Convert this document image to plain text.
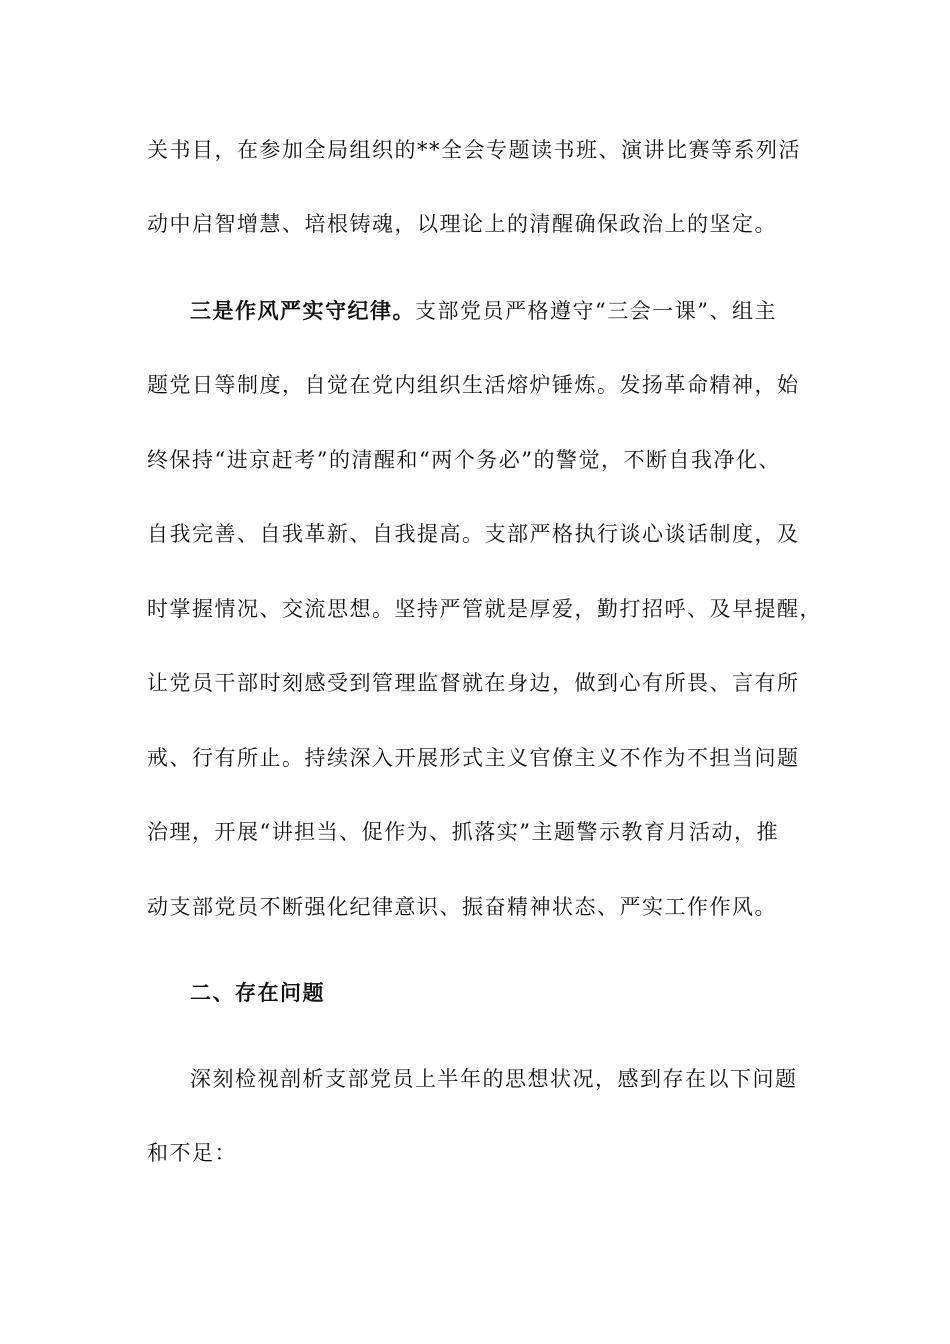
关书目，在参加全局组织的**全会专题读书班、演讲比赛等系列活
动中启智增慧、培根铸魂，以理论上的清醒确保政治上的坚定。
三是作风严实守纪律。支部党员严格遵守“三会一课”、组主
题党日等制度，自觉在党内组织生活熔炉锤炼。发扬革命精神，始
终保持“进京赶考”的清醒和“两个务必”的警觉，不断自我净化、
自我完善、自我革新、自我提高。支部严格执行谈心谈话制度，及
时掌握情况、交流思想。坚持严管就是厚爱，勤打招呼、及早提醒，
让党员干部时刻感受到管理监督就在身边，做到心有所畏、言有所
戒、行有所止。持续深入开展形式主义官僚主义不作为不担当问题
治理，开展“讲担当、促作为、抓落实”主题警示教育月活动，推
动支部党员不断强化纪律意识、振奋精神状态、严实工作作风。
二、存在问题
深刻检视剖析支部党员上半年的思想状况，感到存在以下问题
和不足：
